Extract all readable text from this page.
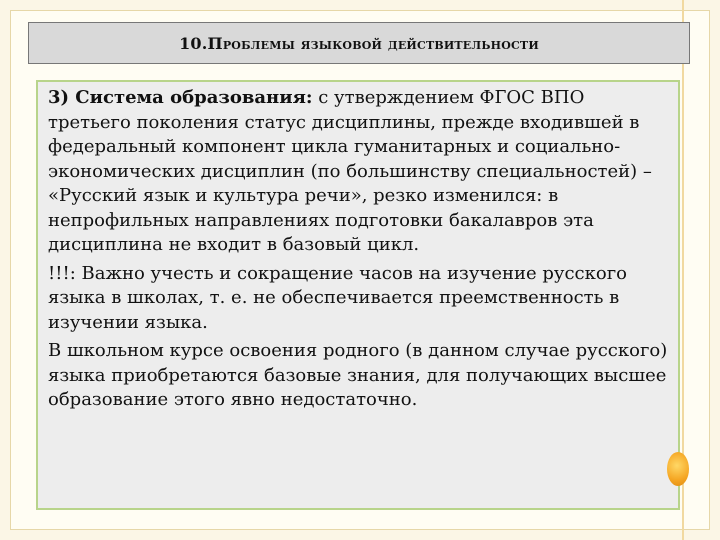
10.Проблемы языковой действительности

3) Система образования: с утверждением ФГОС ВПО третьего поколения статус дисциплины, прежде входившей в федеральный компонент цикла гуманитарных и социально-экономических дисциплин (по большинству специальностей) – «Русский язык и культура речи», резко изменился: в непрофильных направлениях подготовки бакалавров эта дисциплина не входит в базовый цикл.

!!!: Важно учесть и сокращение часов на изучение русского языка в школах, т. е. не обеспечивается преемственность в изучении языка.

В школьном курсе освоения родного (в данном случае русского) языка приобретаются базовые знания, для получающих высшее образование этого явно недостаточно.
